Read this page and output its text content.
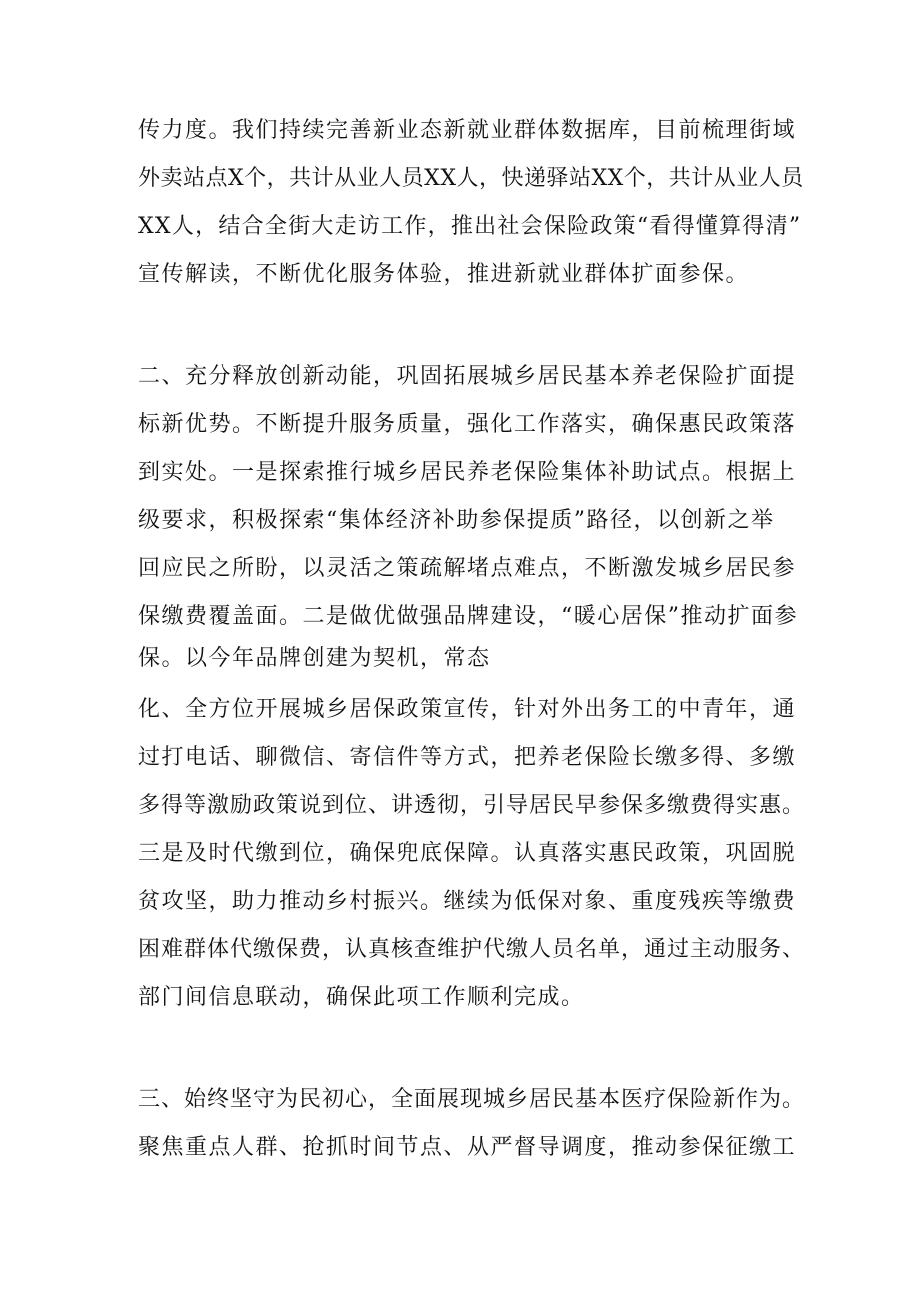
传力度。我们持续完善新业态新就业群体数据库，目前梳理街域
外卖站点X个，共计从业人员XX人，快递驿站XX个，共计从业人员
XX人，结合全街大走访工作，推出社会保险政策“看得懂算得清”
宣传解读，不断优化服务体验，推进新就业群体扩面参保。
二、充分释放创新动能，巩固拓展城乡居民基本养老保险扩面提
标新优势。不断提升服务质量，强化工作落实，确保惠民政策落
到实处。一是探索推行城乡居民养老保险集体补助试点。根据上
级要求，积极探索“集体经济补助参保提质”路径，以创新之举
回应民之所盼，以灵活之策疏解堵点难点，不断激发城乡居民参
保缴费覆盖面。二是做优做强品牌建设，“暖心居保”推动扩面参
保。以今年品牌创建为契机，常态
化、全方位开展城乡居保政策宣传，针对外出务工的中青年，通
过打电话、聊微信、寄信件等方式，把养老保险长缴多得、多缴
多得等激励政策说到位、讲透彻，引导居民早参保多缴费得实惠。
三是及时代缴到位，确保兜底保障。认真落实惠民政策，巩固脱
贫攻坚，助力推动乡村振兴。继续为低保对象、重度残疾等缴费
困难群体代缴保费，认真核查维护代缴人员名单，通过主动服务、
部门间信息联动，确保此项工作顺利完成。
三、始终坚守为民初心，全面展现城乡居民基本医疗保险新作为。
聚焦重点人群、抢抓时间节点、从严督导调度，推动参保征缴工
